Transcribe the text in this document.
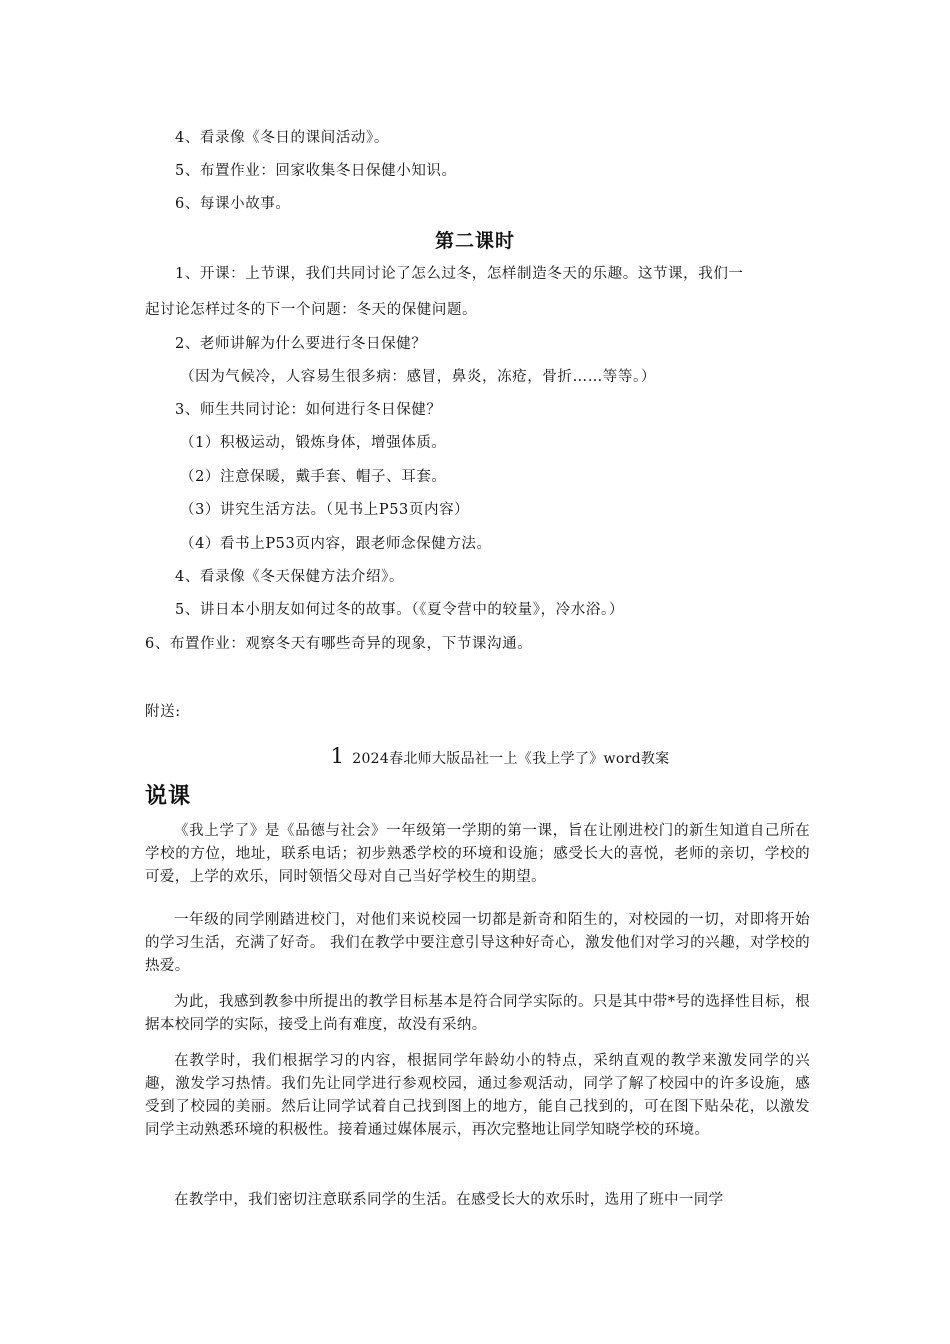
4、看录像《冬日的课间活动》。
5、布置作业：回家收集冬日保健小知识。
6、每课小故事。
第二课时
1、开课：上节课，我们共同讨论了怎么过冬，怎样制造冬天的乐趣。这节课，我们一
起讨论怎样过冬的下一个问题：冬天的保健问题。
2、老师讲解为什么要进行冬日保健？
（因为气候冷，人容易生很多病：感冒，鼻炎，冻疮，骨折……等等。）
3、师生共同讨论：如何进行冬日保健？
（1）积极运动，锻炼身体，增强体质。
（2）注意保暖，戴手套、帽子、耳套。
（3）讲究生活方法。（见书上P53页内容）
（4）看书上P53页内容，跟老师念保健方法。
4、看录像《冬天保健方法介绍》。
5、讲日本小朋友如何过冬的故事。（《夏令营中的较量》，冷水浴。）
6、布置作业：观察冬天有哪些奇异的现象，下节课沟通。
附送:
1 2024春北师大版品社一上《我上学了》word教案
说课

《我上学了》是《品德与社会》一年级第一学期的第一课，旨在让刚进校门的新生知道自己所在学校的方位，地址，联系电话；初步熟悉学校的环境和设施；感受长大的喜悦，老师的亲切，学校的可爱，上学的欢乐，同时领悟父母对自己当好学校生的期望。

一年级的同学刚踏进校门，对他们来说校园一切都是新奇和陌生的，对校园的一切，对即将开始的学习生活，充满了好奇。 我们在教学中要注意引导这种好奇心，激发他们对学习的兴趣，对学校的热爱。

为此，我感到教参中所提出的教学目标基本是符合同学实际的。只是其中带*号的选择性目标，根据本校同学的实际，接受上尚有难度，故没有采纳。

在教学时，我们根据学习的内容，根据同学年龄幼小的特点，采纳直观的教学来激发同学的兴趣，激发学习热情。我们先让同学进行参观校园，通过参观活动，同学了解了校园中的许多设施，感受到了校园的美丽。然后让同学试着自己找到图上的地方，能自己找到的，可在图下贴朵花，以激发同学主动熟悉环境的积极性。接着通过媒体展示，再次完整地让同学知晓学校的环境。

在教学中，我们密切注意联系同学的生活。在感受长大的欢乐时，选用了班中一同学
